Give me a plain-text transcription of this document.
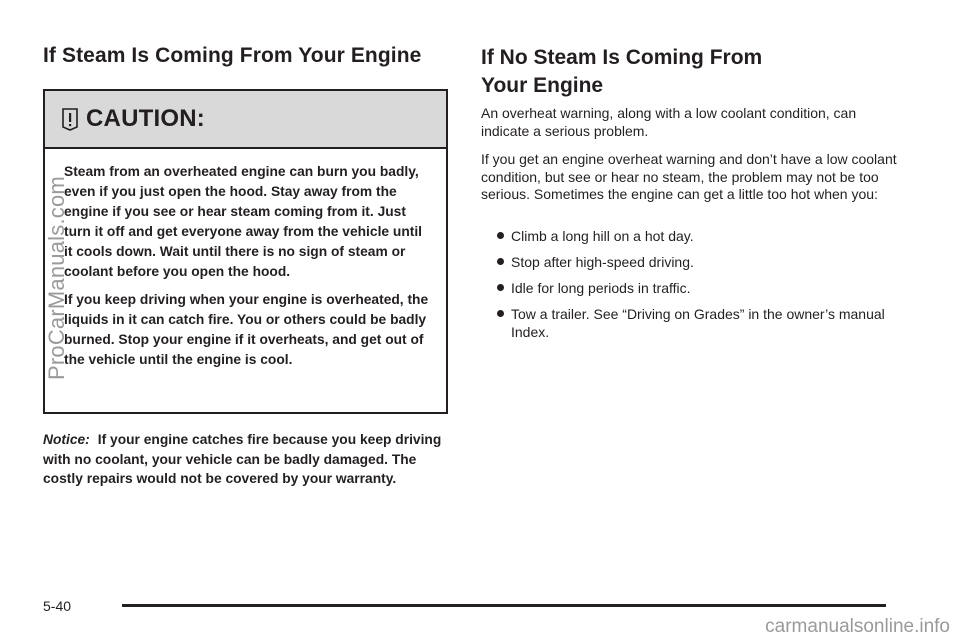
If Steam Is Coming From Your Engine
CAUTION:

Steam from an overheated engine can burn you badly, even if you just open the hood. Stay away from the engine if you see or hear steam coming from it. Just turn it off and get everyone away from the vehicle until it cools down. Wait until there is no sign of steam or coolant before you open the hood.

If you keep driving when your engine is overheated, the liquids in it can catch fire. You or others could be badly burned. Stop your engine if it overheats, and get out of the vehicle until the engine is cool.

Notice: If your engine catches fire because you keep driving with no coolant, your vehicle can be badly damaged. The costly repairs would not be covered by your warranty.

If No Steam Is Coming From
Your Engine

An overheat warning, along with a low coolant condition, can indicate a serious problem.

If you get an engine overheat warning and don’t have a low coolant condition, but see or hear no steam, the problem may not be too serious. Sometimes the engine can get a little too hot when you:

Climb a long hill on a hot day.
Stop after high-speed driving.
Idle for long periods in traffic.
Tow a trailer. See “Driving on Grades” in the owner’s manual Index.
ProCarManuals.com
5-40
carmanualsonline.info
